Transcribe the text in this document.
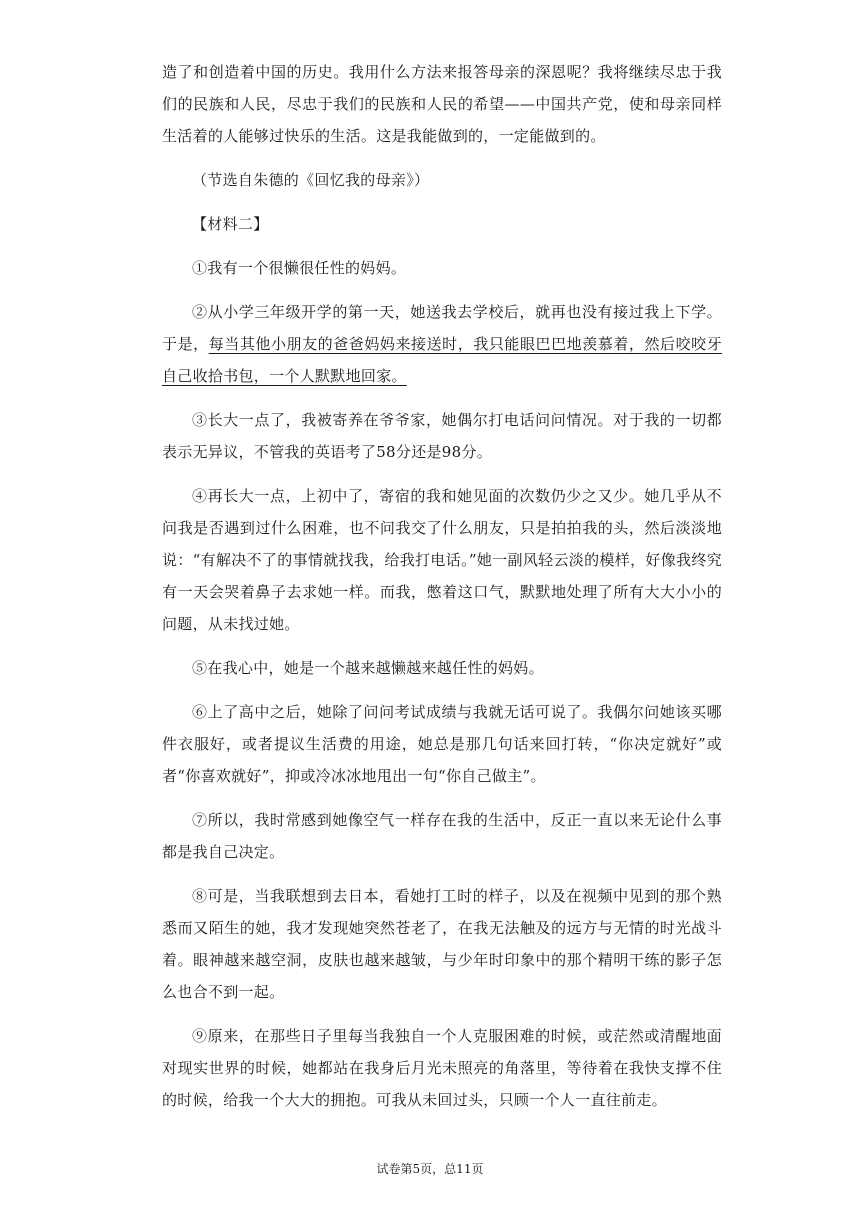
造了和创造着中国的历史。我用什么方法来报答母亲的深恩呢？我将继续尽忠于我们的民族和人民，尽忠于我们的民族和人民的希望——中国共产党，使和母亲同样生活着的人能够过快乐的生活。这是我能做到的，一定能做到的。

（节选自朱德的《回忆我的母亲》）

【材料二】

①我有一个很懒很任性的妈妈。

②从小学三年级开学的第一天，她送我去学校后，就再也没有接过我上下学。于是，每当其他小朋友的爸爸妈妈来接送时，我只能眼巴巴地羡慕着，然后咬咬牙自己收拾书包，一个人默默地回家。

③长大一点了，我被寄养在爷爷家，她偶尔打电话问问情况。对于我的一切都表示无异议，不管我的英语考了58分还是98分。

④再长大一点，上初中了，寄宿的我和她见面的次数仍少之又少。她几乎从不问我是否遇到过什么困难，也不问我交了什么朋友，只是拍拍我的头，然后淡淡地说：“有解决不了的事情就找我，给我打电话。”她一副风轻云淡的模样，好像我终究有一天会哭着鼻子去求她一样。而我，憋着这口气，默默地处理了所有大大小小的问题，从未找过她。

⑤在我心中，她是一个越来越懒越来越任性的妈妈。

⑥上了高中之后，她除了问问考试成绩与我就无话可说了。我偶尔问她该买哪件衣服好，或者提议生活费的用途，她总是那几句话来回打转，“你决定就好”或者“你喜欢就好”，抑或冷冰冰地甩出一句“你自己做主”。

⑦所以，我时常感到她像空气一样存在我的生活中，反正一直以来无论什么事都是我自己决定。

⑧可是，当我联想到去日本，看她打工时的样子，以及在视频中见到的那个熟悉而又陌生的她，我才发现她突然苍老了，在我无法触及的远方与无情的时光战斗着。眼神越来越空洞，皮肤也越来越皱，与少年时印象中的那个精明干练的影子怎么也合不到一起。

⑨原来，在那些日子里每当我独自一个人克服困难的时候，或茫然或清醒地面对现实世界的时候，她都站在我身后月光未照亮的角落里，等待着在我快支撑不住的时候，给我一个大大的拥抱。可我从未回过头，只顾一个人一直往前走。

试卷第5页，总11页
